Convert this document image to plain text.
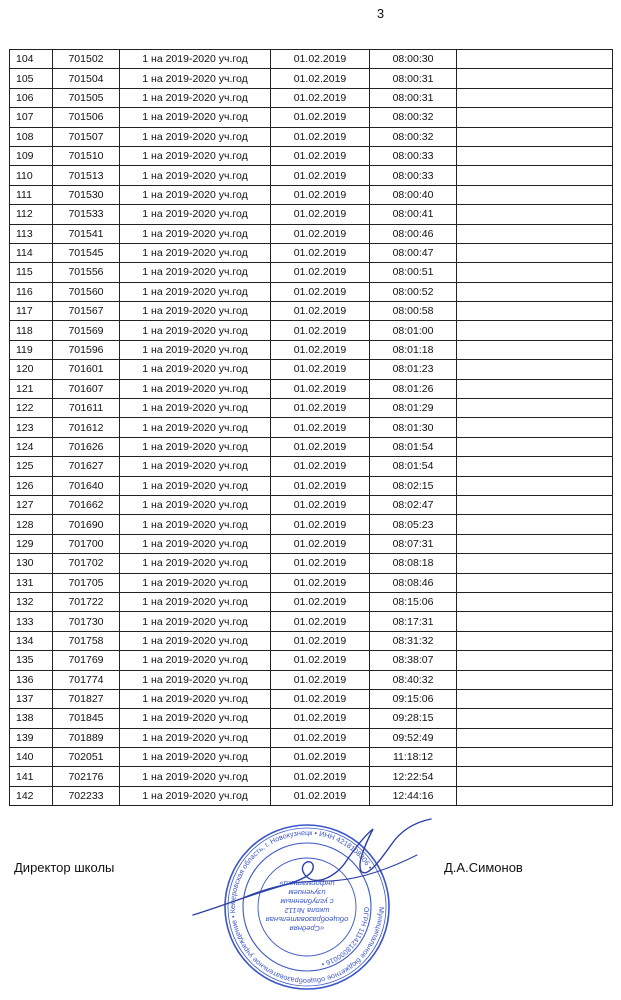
3
104	701502	1 на 2019-2020 уч.год	01.02.2019	08:00:30	
105	701504	1 на 2019-2020 уч.год	01.02.2019	08:00:31	
106	701505	1 на 2019-2020 уч.год	01.02.2019	08:00:31	
107	701506	1 на 2019-2020 уч.год	01.02.2019	08:00:32	
108	701507	1 на 2019-2020 уч.год	01.02.2019	08:00:32	
109	701510	1 на 2019-2020 уч.год	01.02.2019	08:00:33	
110	701513	1 на 2019-2020 уч.год	01.02.2019	08:00:33	
111	701530	1 на 2019-2020 уч.год	01.02.2019	08:00:40	
112	701533	1 на 2019-2020 уч.год	01.02.2019	08:00:41	
113	701541	1 на 2019-2020 уч.год	01.02.2019	08:00:46	
114	701545	1 на 2019-2020 уч.год	01.02.2019	08:00:47	
115	701556	1 на 2019-2020 уч.год	01.02.2019	08:00:51	
116	701560	1 на 2019-2020 уч.год	01.02.2019	08:00:52	
117	701567	1 на 2019-2020 уч.год	01.02.2019	08:00:58	
118	701569	1 на 2019-2020 уч.год	01.02.2019	08:01:00	
119	701596	1 на 2019-2020 уч.год	01.02.2019	08:01:18	
120	701601	1 на 2019-2020 уч.год	01.02.2019	08:01:23	
121	701607	1 на 2019-2020 уч.год	01.02.2019	08:01:26	
122	701611	1 на 2019-2020 уч.год	01.02.2019	08:01:29	
123	701612	1 на 2019-2020 уч.год	01.02.2019	08:01:30	
124	701626	1 на 2019-2020 уч.год	01.02.2019	08:01:54	
125	701627	1 на 2019-2020 уч.год	01.02.2019	08:01:54	
126	701640	1 на 2019-2020 уч.год	01.02.2019	08:02:15	
127	701662	1 на 2019-2020 уч.год	01.02.2019	08:02:47	
128	701690	1 на 2019-2020 уч.год	01.02.2019	08:05:23	
129	701700	1 на 2019-2020 уч.год	01.02.2019	08:07:31	
130	701702	1 на 2019-2020 уч.год	01.02.2019	08:08:18	
131	701705	1 на 2019-2020 уч.год	01.02.2019	08:08:46	
132	701722	1 на 2019-2020 уч.год	01.02.2019	08:15:06	
133	701730	1 на 2019-2020 уч.год	01.02.2019	08:17:31	
134	701758	1 на 2019-2020 уч.год	01.02.2019	08:31:32	
135	701769	1 на 2019-2020 уч.год	01.02.2019	08:38:07	
136	701774	1 на 2019-2020 уч.год	01.02.2019	08:40:32	
137	701827	1 на 2019-2020 уч.год	01.02.2019	09:15:06	
138	701845	1 на 2019-2020 уч.год	01.02.2019	09:28:15	
139	701889	1 на 2019-2020 уч.год	01.02.2019	09:52:49	
140	702051	1 на 2019-2020 уч.год	01.02.2019	11:18:12	
141	702176	1 на 2019-2020 уч.год	01.02.2019	12:22:54	
142	702233	1 на 2019-2020 уч.год	01.02.2019	12:44:16	
Директор школы	Д.А.Симонов
Муниципальное бюджетное общеобразовательное учреждение • Кемеровская область, г. Новокузнецк • ИНН 4218108306 •
ОГРН 1114218000016 •
«Средняя
общеобразовательная
школа №112
с углубленным
изучением
информатики»
